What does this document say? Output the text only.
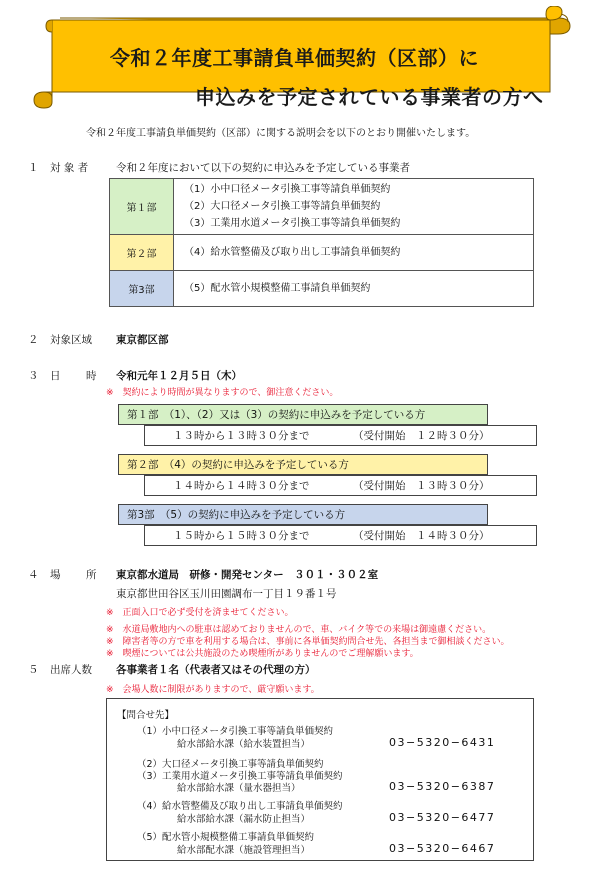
令和２年度工事請負単価契約（区部）に
申込みを予定されている事業者の方へ
令和２年度工事請負単価契約（区部）に関する説明会を以下のとおり開催いたします。
１ 対 象 者	令和２年度において以下の契約に申込みを予定している事業者
第１部	（1）小中口径メータ引換工事等請負単価契約
（2）大口径メータ引換工事等請負単価契約
（3）工業用水道メータ引換工事等請負単価契約

第２部	（4）給水管整備及び取り出し工事請負単価契約

第3部	（5）配水管小規模整備工事請負単価契約
２ 対象区域 東京都区部
３ 日 時 令和元年１２月５日（木）
※　契約により時間が異なりますので、御注意ください。
第１部　（1）、（2）又は（3）の契約に申込みを予定している方
１３時から１３時３０分まで	（受付開始　１２時３０分）
第２部　（4）の契約に申込みを予定している方
１４時から１４時３０分まで	（受付開始　１３時３０分）
第3部　（5）の契約に申込みを予定している方
１５時から１５時３０分まで	（受付開始　１４時３０分）
４ 場 所 東京都水道局　研修・開発センター　３０１・３０２室
東京都世田谷区玉川田園調布一丁目１９番１号
※　正面入口で必ず受付を済ませてください。
※　水道局敷地内への駐車は認めておりませんので、車、バイク等での来場は御遠慮ください。
※　障害者等の方で車を利用する場合は、事前に各単価契約問合せ先、各担当まで御相談ください。
※　喫煙については公共施設のため喫煙所がありませんのでご理解願います。
５ 出席人数 各事業者１名（代表者又はその代理の方）
※　会場人数に制限がありますので、厳守願います。
【問合せ先】
（1）小中口径メータ引換工事等請負単価契約
給水部給水課（給水装置担当）	03−5320−6431
（2）大口径メータ引換工事等請負単価契約
（3）工業用水道メータ引換工事等請負単価契約
給水部給水課（量水器担当）	03−5320−6387
（4）給水管整備及び取り出し工事請負単価契約
給水部給水課（漏水防止担当）	03−5320−6477
（5）配水管小規模整備工事請負単価契約
給水部配水課（施設管理担当）	03−5320−6467
